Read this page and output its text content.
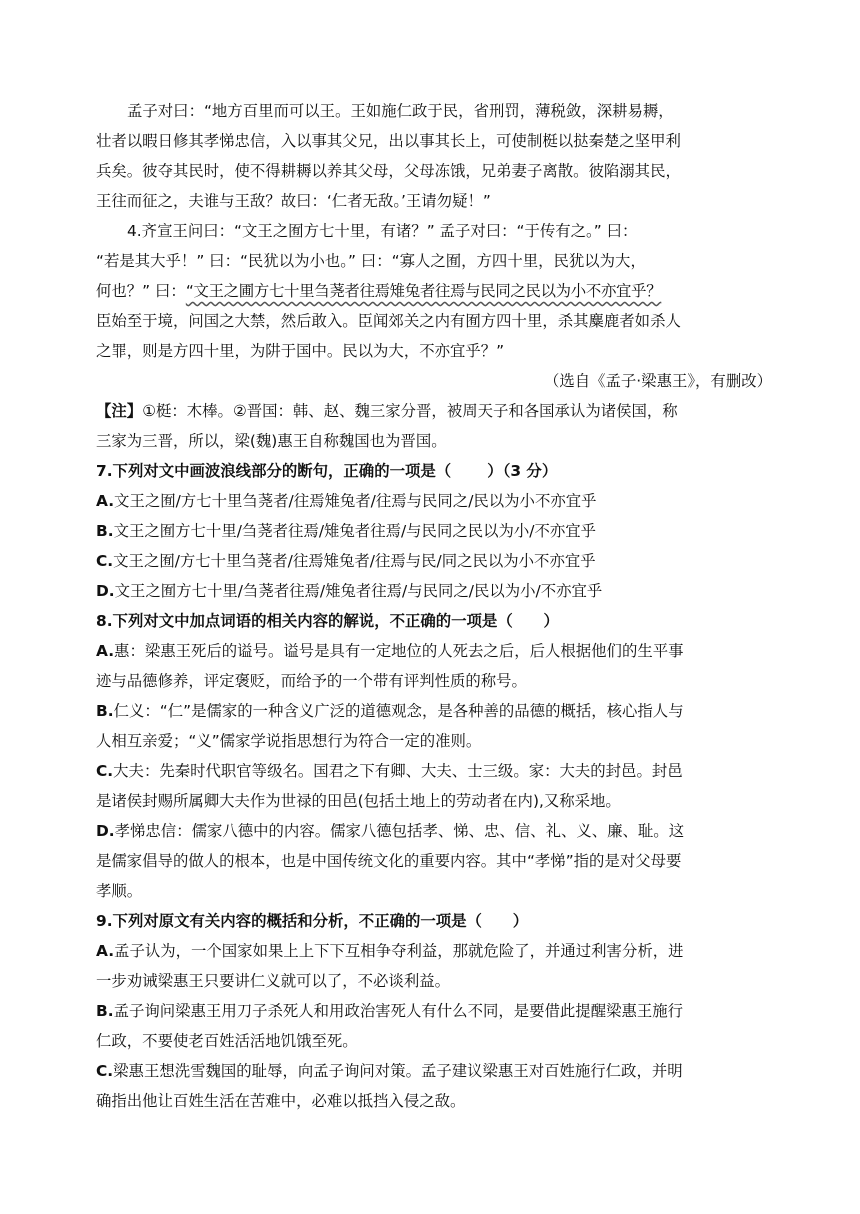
孟子对曰：“地方百里而可以王。王如施仁政于民，省刑罚，薄税敛，深耕易耨，

壮者以暇日修其孝悌忠信，入以事其父兄，出以事其长上，可使制梃以挞秦楚之坚甲利

兵矣。彼夺其民时，使不得耕耨以养其父母，父母冻饿，兄弟妻子离散。彼陷溺其民，

王往而征之，夫谁与王敌？故曰：‘仁者无敌。’王请勿疑！”

4.齐宣王问曰：“文王之囿方七十里，有诸？” 孟子对曰：“于传有之。” 曰：

“若是其大乎！” 曰：“民犹以为小也。” 曰：“寡人之囿，方四十里，民犹以为大，

何也？” 曰：“文王之圃方七十里刍荛者往焉雉兔者往焉与民同之民以为小不亦宜乎？

臣始至于境，问国之大禁，然后敢入。臣闻郊关之内有囿方四十里，杀其麋鹿者如杀人

之罪，则是方四十里，为阱于国中。民以为大，不亦宜乎？”

（选自《孟子·梁惠王》，有删改）

【注】①梃：木棒。②晋国：韩、赵、魏三家分晋，被周天子和各国承认为诸侯国，称

三家为三晋，所以，梁(魏)惠王自称魏国也为晋国。

7.下列对文中画波浪线部分的断句，正确的一项是（　　 ）（3 分）

A.文王之囿/方七十里刍荛者/往焉雉兔者/往焉与民同之/民以为小不亦宜乎

B.文王之囿方七十里/刍荛者往焉/雉兔者往焉/与民同之民以为小/不亦宜乎

C.文王之囿/方七十里刍荛者/往焉雉兔者/往焉与民/同之民以为小不亦宜乎

D.文王之囿方七十里/刍荛者往焉/雉兔者往焉/与民同之/民以为小/不亦宜乎

8.下列对文中加点词语的相关内容的解说，不正确的一项是（　　）

A.惠：梁惠王死后的谥号。谥号是具有一定地位的人死去之后，后人根据他们的生平事

迹与品德修养，评定褒贬，而给予的一个带有评判性质的称号。

B.仁义：“仁”是儒家的一种含义广泛的道德观念，是各种善的品德的概括，核心指人与

人相互亲爱；“义”儒家学说指思想行为符合一定的准则。

C.大夫：先秦时代职官等级名。国君之下有卿、大夫、士三级。家：大夫的封邑。封邑

是诸侯封赐所属卿大夫作为世禄的田邑(包括土地上的劳动者在内),又称采地。

D.孝悌忠信：儒家八德中的内容。儒家八德包括孝、悌、忠、信、礼、义、廉、耻。这

是儒家倡导的做人的根本，也是中国传统文化的重要内容。其中“孝悌”指的是对父母要

孝顺。

9.下列对原文有关内容的概括和分析，不正确的一项是（　　）

A.孟子认为，一个国家如果上上下下互相争夺利益，那就危险了，并通过利害分析，进

一步劝诫梁惠王只要讲仁义就可以了，不必谈利益。

B.孟子询问梁惠王用刀子杀死人和用政治害死人有什么不同，是要借此提醒梁惠王施行

仁政，不要使老百姓活活地饥饿至死。

C.梁惠王想洗雪魏国的耻辱，向孟子询问对策。孟子建议梁惠王对百姓施行仁政，并明

确指出他让百姓生活在苦难中，必难以抵挡入侵之敌。
